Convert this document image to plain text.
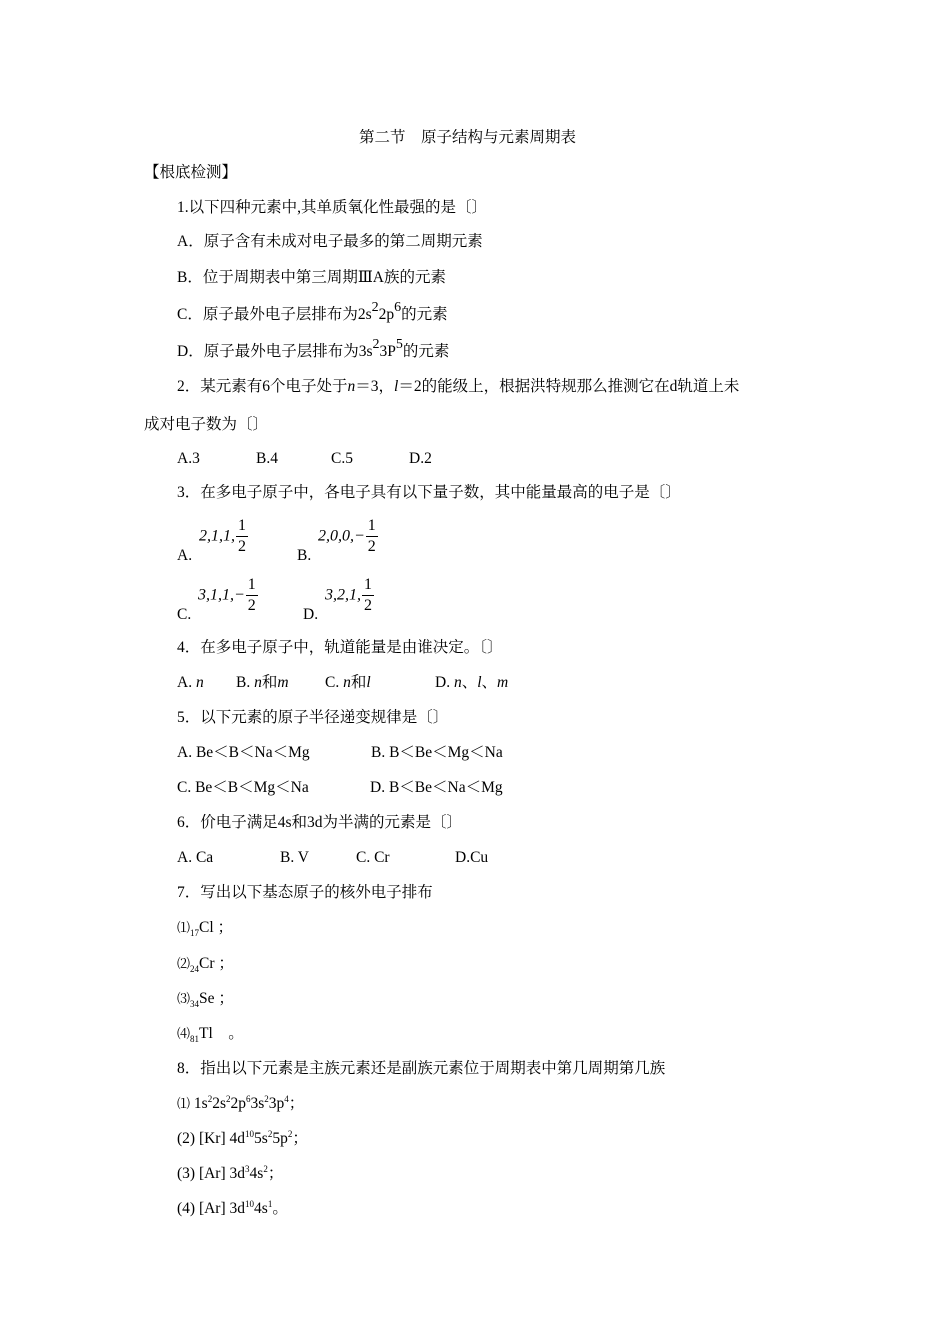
第二节　原子结构与元素周期表
【根底检测】
1.以下四种元素中,其单质氧化性最强的是〔〕
A．原子含有未成对电子最多的第二周期元素
B．位于周期表中第三周期ⅢA族的元素
C．原子最外电子层排布为$2s^22p^6$的元素
D．原子最外电子层排布为$3s^23P^5$的元素
2．某元素有6个电子处于n＝3，l＝2的能级上，根据洪特规那么推测它在d轨道上未
成对电子数为〔〕
A.3	B.4	C.5	D.2
3．在多电子原子中，各电子具有以下量子数，其中能量最高的电子是〔〕
A.
2,1,1, $\frac{1}{2}$	B.
$2,0,0,- \frac{1}{2}$
C.
$3,1,1,- \frac{1}{2}$	D.
3,2,1, $\frac{1}{2}$
4．在多电子原子中，轨道能量是由谁决定。〔〕
A. n B. n和m C. n和l	D. n、l、m
5．以下元素的原子半径递变规律是〔〕
A. Be＜B＜Na＜Mg	B. B＜Be＜Mg＜Na
C. Be＜B＜Mg＜Na	D. B＜Be＜Na＜Mg
6．价电子满足4s和3d为半满的元素是〔〕
A. Ca	B. V	C. Cr	D.Cu
7．写出以下基态原子的核外电子排布
$⑴_{17}Cl$ ；
$⑵_{24}Cr$ ；
$⑶_{34}Se$ ；
$⑷_{81}Tl$　。
8．指出以下元素是主族元素还是副族元素位于周期表中第几周期第几族
⑴ $1s^22s^22p^63s^23p^4$；
(2) [Kr] $4d^{10}5s^25p^2$；
(3) [Ar] $3d^34s^2$；
(4) [Ar] $3d^{10}4s^1$。
